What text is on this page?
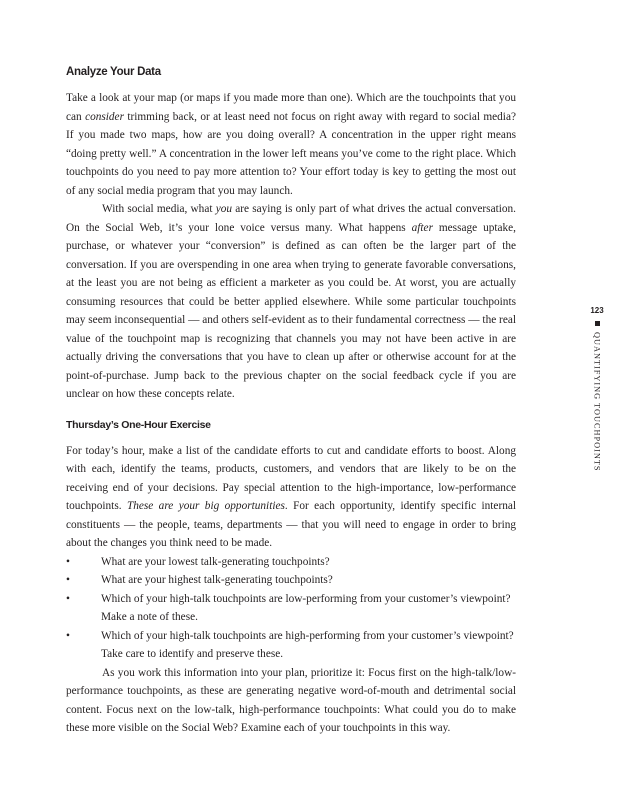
Analyze Your Data

Take a look at your map (or maps if you made more than one). Which are the touchpoints that you can consider trimming back, or at least need not focus on right away with regard to social media? If you made two maps, how are you doing overall? A concentration in the upper right means “doing pretty well.” A concentration in the lower left means you’ve come to the right place. Which touchpoints do you need to pay more attention to? Your effort today is key to getting the most out of any social media program that you may launch.

With social media, what you are saying is only part of what drives the actual conversation. On the Social Web, it’s your lone voice versus many. What happens after message uptake, purchase, or whatever your “conversion” is defined as can often be the larger part of the conversation. If you are overspending in one area when trying to generate favorable conversations, at the least you are not being as efficient a marketer as you could be. At worst, you are actually consuming resources that could be better applied elsewhere. While some particular touchpoints may seem inconsequential — and others self-evident as to their fundamental correctness — the real value of the touchpoint map is recognizing that channels you may not have been active in are actually driving the conversations that you have to clean up after or otherwise account for at the point-of-purchase. Jump back to the previous chapter on the social feedback cycle if you are unclear on how these concepts relate.

Thursday’s One-Hour Exercise

For today’s hour, make a list of the candidate efforts to cut and candidate efforts to boost. Along with each, identify the teams, products, customers, and vendors that are likely to be on the receiving end of your decisions. Pay special attention to the high-importance, low-performance touchpoints. These are your big opportunities. For each opportunity, identify specific internal constituents — the people, teams, departments — that you will need to engage in order to bring about the changes you think need to be made.

•	What are your lowest talk-generating touchpoints?
•	What are your highest talk-generating touchpoints?
•	Which of your high-talk touchpoints are low-performing from your customer’s viewpoint? Make a note of these.
•	Which of your high-talk touchpoints are high-performing from your customer’s viewpoint? Take care to identify and preserve these.

As you work this information into your plan, prioritize it: Focus first on the high-talk/low-performance touchpoints, as these are generating negative word-of-mouth and detrimental social content. Focus next on the low-talk, high-performance touchpoints: What could you do to make these more visible on the Social Web? Examine each of your touchpoints in this way.

123
QUANTIFYING TOUCHPOINTS
